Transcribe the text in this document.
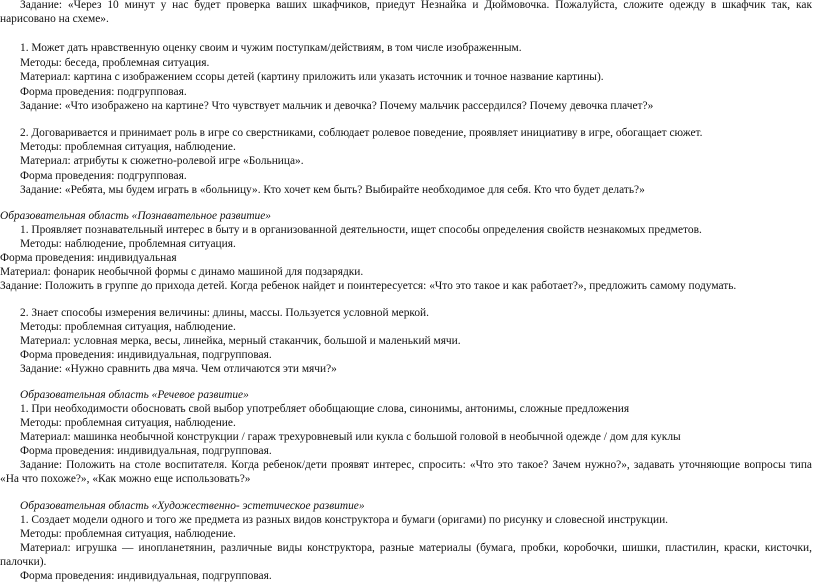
Задание: «Через 10 минут у нас будет проверка ваших шкафчиков, приедут Незнайка и Дюймовочка. Пожалуйста, сложите одежду в шкафчик так, как
нарисовано на схеме».
1. Может дать нравственную оценку своим и чужим поступкам/действиям, в том числе изображенным.
Методы: беседа, проблемная ситуация.
Материал: картина с изображением ссоры детей (картину приложить или указать источник и точное название картины).
Форма проведения: подгрупповая.
Задание: «Что изображено на картине? Что чувствует мальчик и девочка? Почему мальчик рассердился? Почему девочка плачет?»
2. Договаривается и принимает роль в игре со сверстниками, соблюдает ролевое поведение, проявляет инициативу в игре, обогащает сюжет.
Методы: проблемная ситуация, наблюдение.
Материал: атрибуты к сюжетно-ролевой игре «Больница».
Форма проведения: подгрупповая.
Задание: «Ребята, мы будем играть в «больницу». Кто хочет кем быть? Выбирайте необходимое для себя. Кто что будет делать?»
Образовательная область «Познавательное развитие»
1. Проявляет познавательный интерес в быту и в организованной деятельности, ищет способы определения свойств незнакомых предметов.
Методы: наблюдение, проблемная ситуация.
Форма проведения: индивидуальная
Материал: фонарик необычной формы с динамо машиной для подзарядки.
Задание: Положить в группе до прихода детей. Когда ребенок найдет и поинтересуется: «Что это такое и как работает?», предложить самому подумать.
2. Знает способы измерения величины: длины, массы. Пользуется условной меркой.
Методы: проблемная ситуация, наблюдение.
Материал: условная мерка, весы, линейка, мерный стаканчик, большой и маленький мячи.
Форма проведения: индивидуальная, подгрупповая.
Задание: «Нужно сравнить два мяча. Чем отличаются эти мячи?»
Образовательная область «Речевое развитие»
1. При необходимости обосновать свой выбор употребляет обобщающие слова, синонимы, антонимы, сложные предложения
Методы: проблемная ситуация, наблюдение.
Материал: машинка необычной конструкции / гараж трехуровневый или кукла с большой головой в необычной одежде / дом для куклы
Форма проведения: индивидуальная, подгрупповая.
Задание: Положить на столе воспитателя. Когда ребенок/дети проявят интерес, спросить: «Что это такое? Зачем нужно?», задавать уточняющие вопросы типа
«На что похоже?», «Как можно еще использовать?»
Образовательная область «Художественно- эстетическое развитие»
1. Создает модели одного и того же предмета из разных видов конструктора и бумаги (оригами) по рисунку и словесной инструкции.
Методы: проблемная ситуация, наблюдение.
Материал: игрушка — инопланетянин, различные виды конструктора, разные материалы (бумага, пробки, коробочки, шишки, пластилин, краски, кисточки,
палочки).
Форма проведения: индивидуальная, подгрупповая.
